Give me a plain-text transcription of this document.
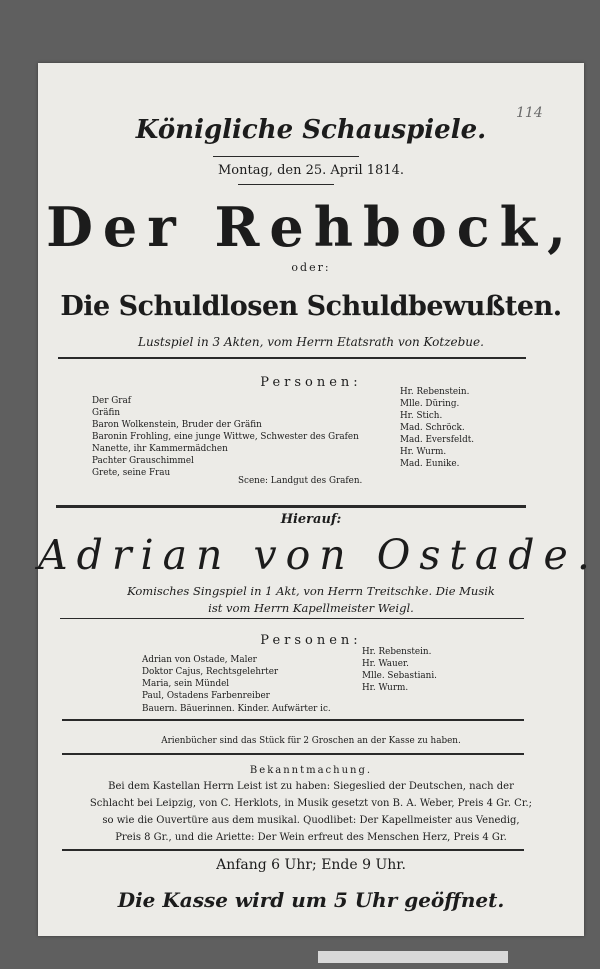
114
Königliche Schauspiele.
Montag, den 25. April 1814.
Der Rehbock,
oder:
Die Schuldlosen Schuldbewußten.
Lustspiel in 3 Akten, vom Herrn Etatsrath von Kotzebue.
Personen:
Der Graf
Hr. Rebenstein.
Gräfin
Mlle. Düring.
Baron Wolkenstein, Bruder der Gräfin
Hr. Stich.
Baronin Frohling, eine junge Wittwe, Schwester des Grafen
Mad. Schröck.
Nanette, ihr Kammermädchen
Mad. Eversfeldt.
Pachter Grauschimmel
Hr. Wurm.
Grete, seine Frau
Mad. Eunike.
Scene: Landgut des Grafen.
Hierauf:
Adrian von Ostade.
Komisches Singspiel in 1 Akt, von Herrn Treitschke. Die Musik
ist vom Herrn Kapellmeister Weigl.
Personen:
Adrian von Ostade, Maler
Hr. Rebenstein.
Doktor Cajus, Rechtsgelehrter
Hr. Wauer.
Maria, sein Mündel
Mlle. Sebastiani.
Paul, Ostadens Farbenreiber
Hr. Wurm.
Bauern. Bäuerinnen. Kinder. Aufwärter ic.
Arienbücher sind das Stück für 2 Groschen an der Kasse zu haben.
Bekanntmachung.
Bei dem Kastellan Herrn Leist ist zu haben: Siegeslied der Deutschen, nach der
Schlacht bei Leipzig, von C. Herklots, in Musik gesetzt von B. A. Weber, Preis 4 Gr. Cr.;
so wie die Ouvertüre aus dem musikal. Quodlibet: Der Kapellmeister aus Venedig,
Preis 8 Gr., und die Ariette: Der Wein erfreut des Menschen Herz, Preis 4 Gr.
Anfang 6 Uhr; Ende 9 Uhr.
Die Kasse wird um 5 Uhr geöffnet.
